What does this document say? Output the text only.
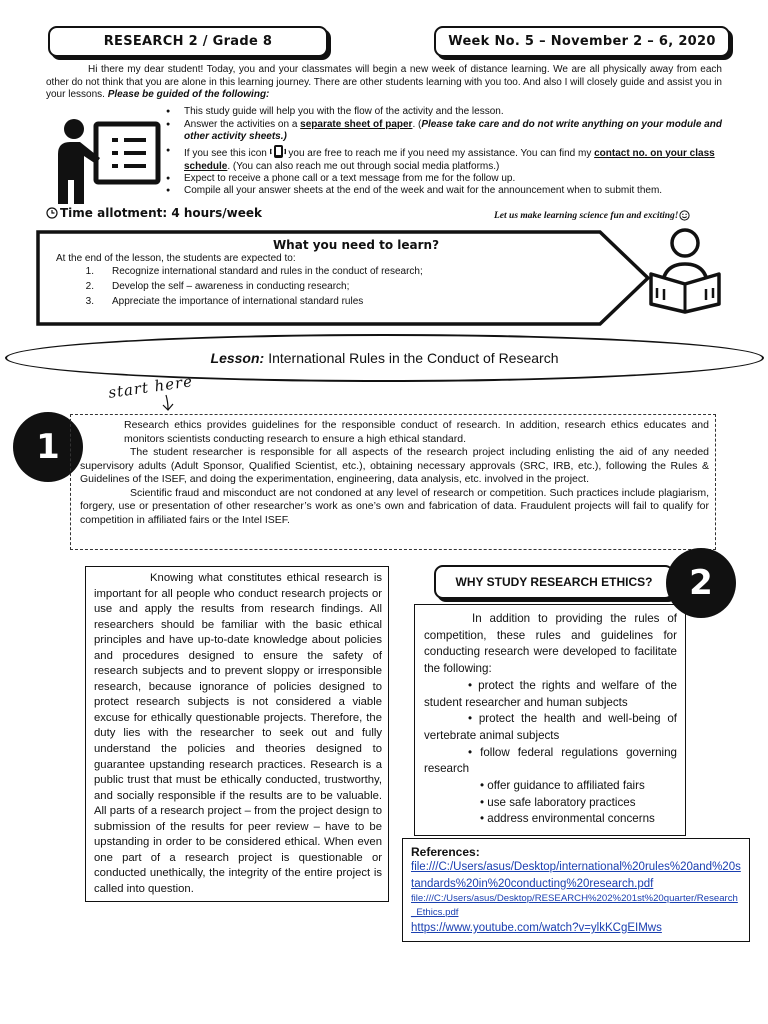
RESEARCH 2 / Grade 8	Week No. 5 – November 2 – 6, 2020
Hi there my dear student! Today, you and your classmates will begin a new week of distance learning. We are all physically away from each other do not think that you are alone in this learning journey. There are other students learning with you too. And also I will closely guide and assist you in your lessons. Please be guided of the following:
● This study guide will help you with the flow of the activity and the lesson.
● Answer the activities on a separate sheet of paper. (Please take care and do not write anything on your module and other activity sheets.)
● If you see this icon you are free to reach me if you need my assistance. You can find my contact no. on your class schedule. (You can also reach me out through social media platforms.)
● Expect to receive a phone call or a text message from me for the follow up.
● Compile all your answer sheets at the end of the week and wait for the announcement when to submit them.
Time allotment: 4 hours/week	Let us make learning science fun and exciting!
What you need to learn?
At the end of the lesson, the students are expected to:
1.	Recognize international standard and rules in the conduct of research;
2.	Develop the self – awareness in conducting research;
3.	Appreciate the importance of international standard rules
Lesson: International Rules in the Conduct of Research
start here
1

Research ethics provides guidelines for the responsible conduct of research. In addition, research ethics educates and monitors scientists conducting research to ensure a high ethical standard.

The student researcher is responsible for all aspects of the research project including enlisting the aid of any needed supervisory adults (Adult Sponsor, Qualified Scientist, etc.), obtaining necessary approvals (SRC, IRB, etc.), following the Rules & Guidelines of the ISEF, and doing the experimentation, engineering, data analysis, etc. involved in the project.

Scientific fraud and misconduct are not condoned at any level of research or competition. Such practices include plagiarism, forgery, use or presentation of other researcher’s work as one’s own and fabrication of data. Fraudulent projects will fail to qualify for competition in affiliated fairs or the Intel ISEF.

Knowing what constitutes ethical research is important for all people who conduct research projects or use and apply the results from research findings. All researchers should be familiar with the basic ethical principles and have up-to-date knowledge about policies and procedures designed to ensure the safety of research subjects and to prevent sloppy or irresponsible research, because ignorance of policies designed to protect research subjects is not considered a viable excuse for ethically questionable projects. Therefore, the duty lies with the researcher to seek out and fully understand the policies and theories designed to guarantee upstanding research practices. Research is a public trust that must be ethically conducted, trustworthy, and socially responsible if the results are to be valuable. All parts of a research project – from the project design to submission of the results for peer review – have to be upstanding in order to be considered ethical. When even one part of a research project is questionable or conducted unethically, the integrity of the entire project is called into question.
WHY STUDY RESEARCH ETHICS? 2
In addition to providing the rules of competition, these rules and guidelines for conducting research were developed to facilitate the following:
• protect the rights and welfare of the student researcher and human subjects
• protect the health and well-being of vertebrate animal subjects
• follow federal regulations governing research
• offer guidance to affiliated fairs
• use safe laboratory practices
• address environmental concerns
References:
file:///C:/Users/asus/Desktop/international%20rules%20and%20standards%20in%20conducting%20research.pdf
file:///C:/Users/asus/Desktop/RESEARCH%202%201st%20quarter/Research_Ethics.pdf
https://www.youtube.com/watch?v=ylkKCgEIMws
